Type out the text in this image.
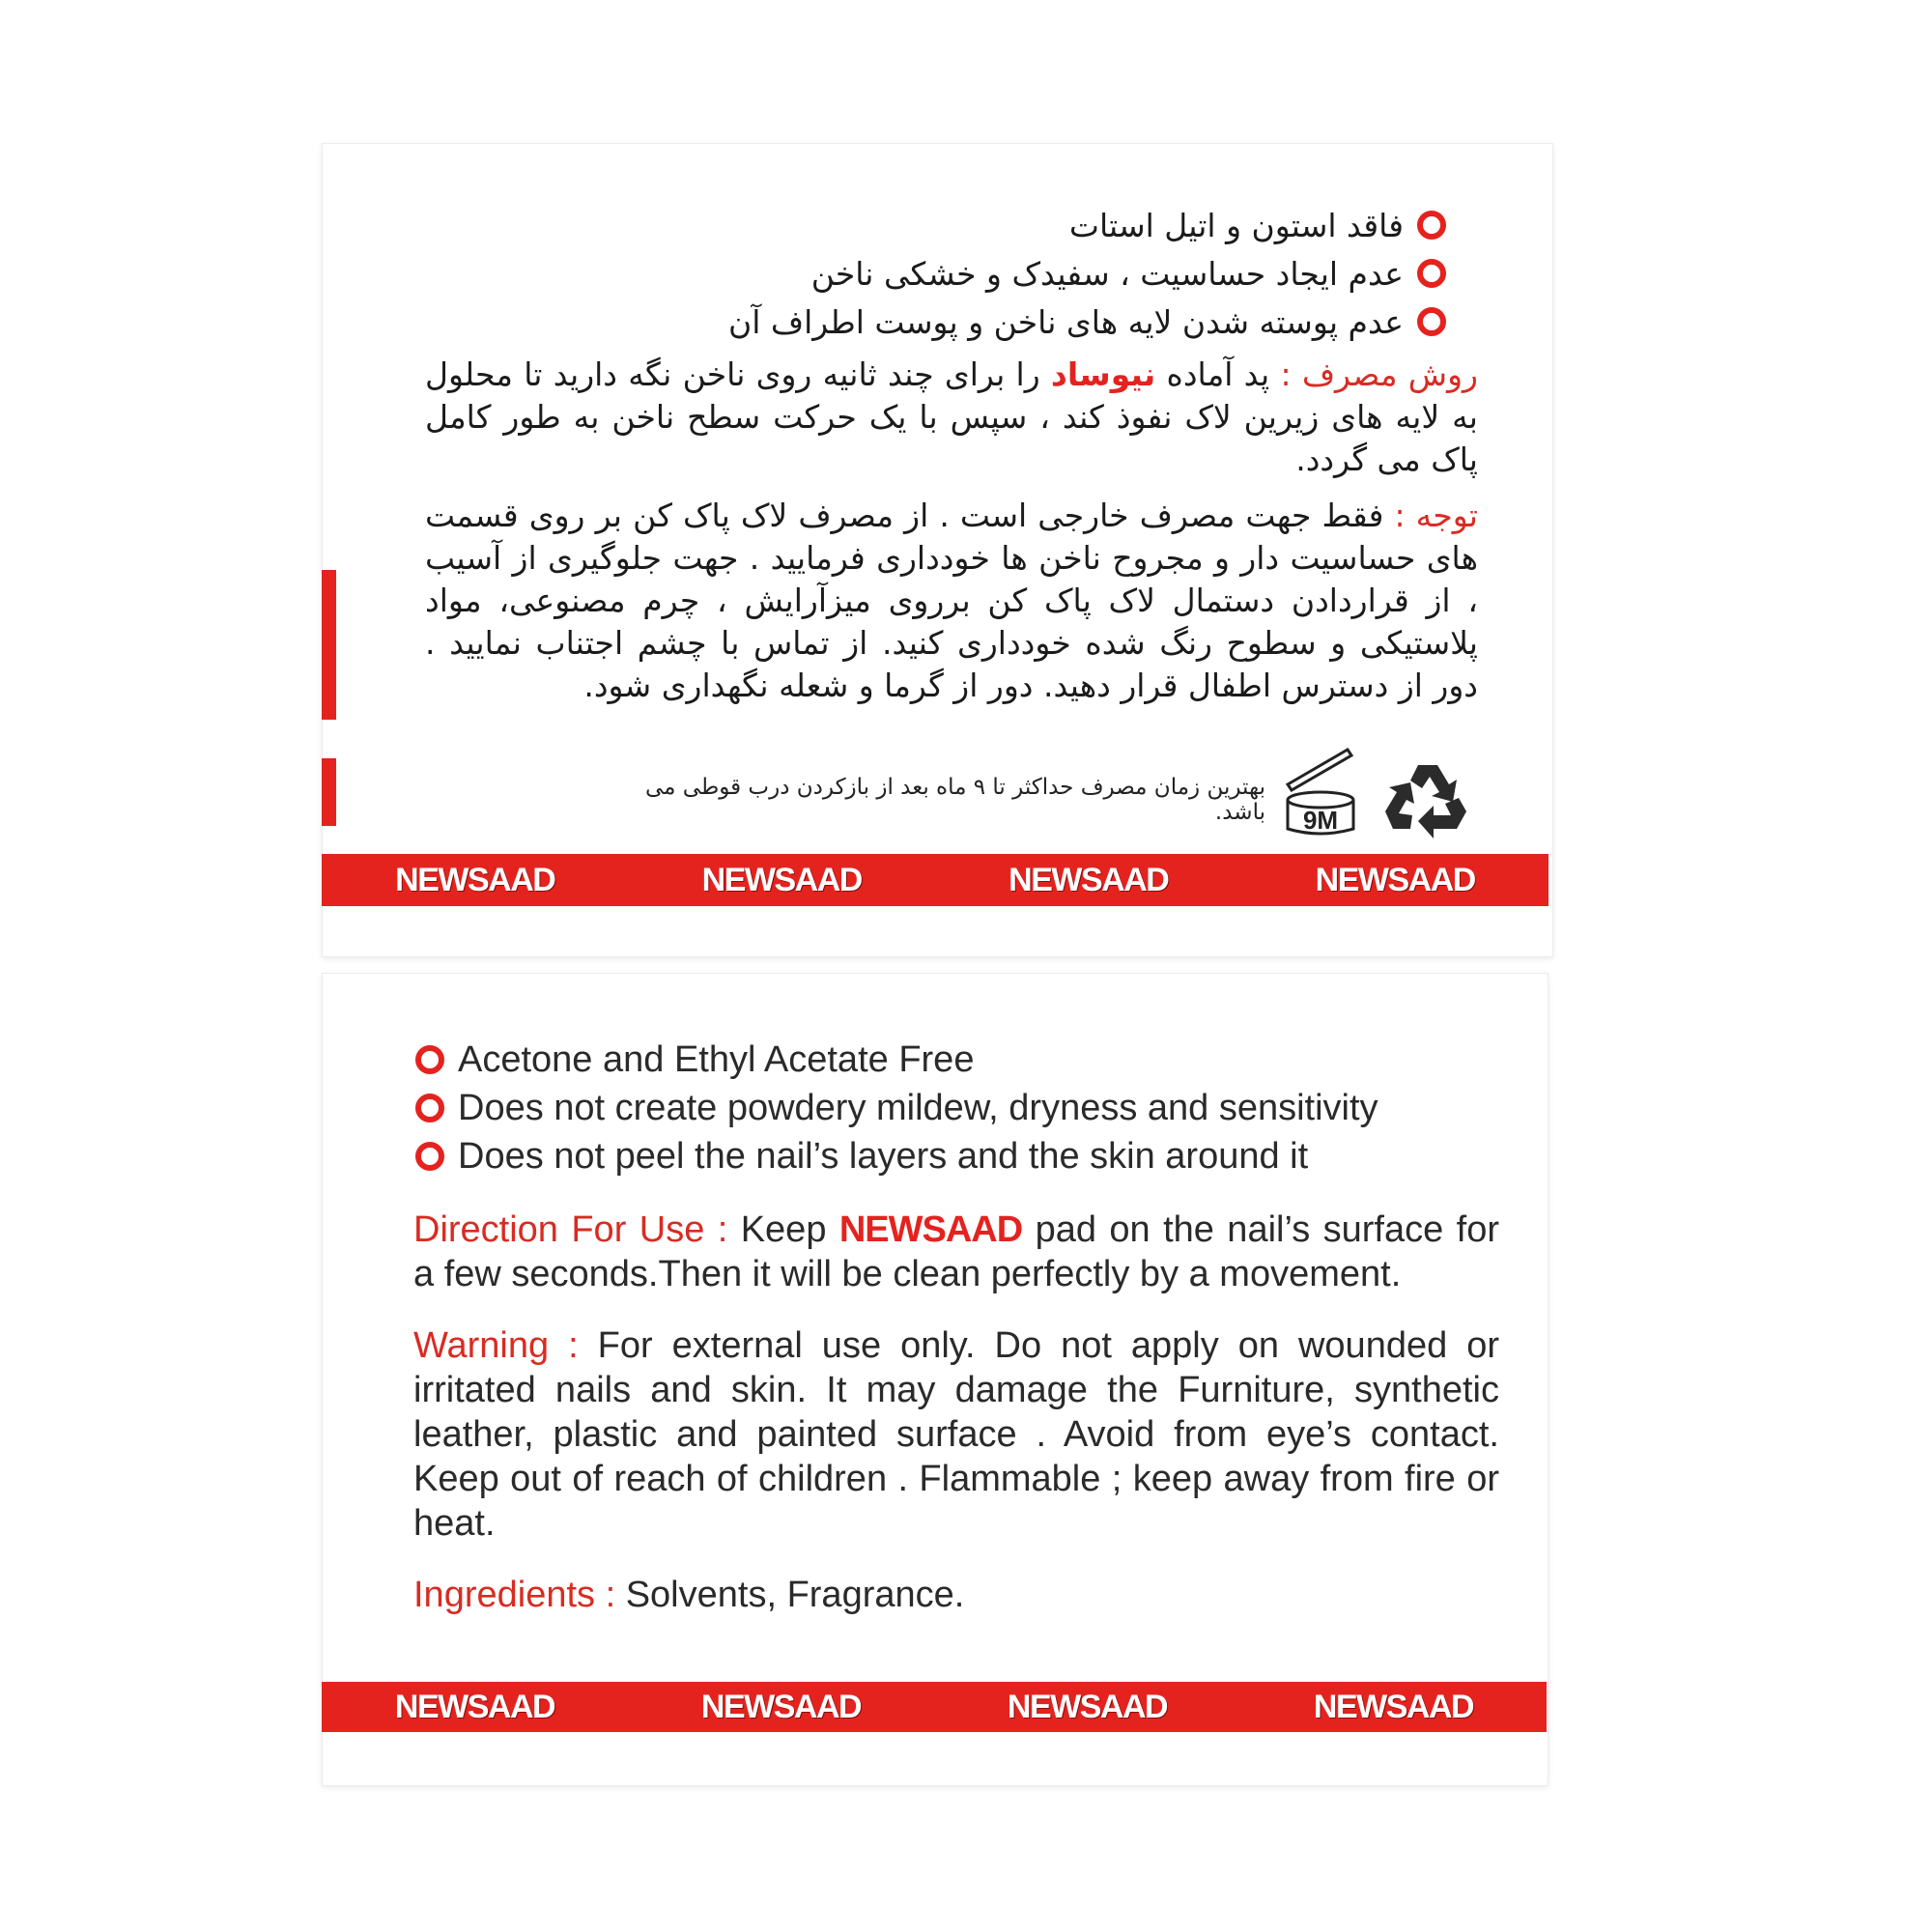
فاقد استون و اتیل استات
عدم ایجاد حساسیت ، سفیدک و خشکی ناخن
عدم پوسته شدن لایه های ناخن و پوست اطراف آن
روش مصرف : پد آماده نیوساد را برای چند ثانیه روی ناخن نگه دارید تا محلول به لایه های زیرین لاک نفوذ کند ، سپس با یک حرکت سطح ناخن به طور کامل پاک می گردد.
توجه : فقط جهت مصرف خارجی است . از مصرف لاک پاک کن بر روی قسمت های حساسیت دار و مجروح ناخن ها خودداری فرمایید . جهت جلوگیری از آسیب ، از قراردادن دستمال لاک پاک کن برروی میزآرایش ، چرم مصنوعی، مواد پلاستیکی و سطوح رنگ شده خودداری کنید. از تماس با چشم اجتناب نمایید . دور از دسترس اطفال قرار دهید. دور از گرما و شعله نگهداری شود.
بهترین زمان مصرف حداکثر تا ۹ ماه بعد از بازکردن درب قوطی می باشد. 9M
NEWSAAD	NEWSAAD	NEWSAAD	NEWSAAD
Acetone and Ethyl Acetate Free
Does not create powdery mildew, dryness and sensitivity
Does not peel the nail’s layers and the skin around it
Direction For Use : Keep NEWSAAD pad on the nail’s surface for a few seconds.Then it will be clean perfectly by a movement.
Warning : For external use only. Do not apply on wounded or irritated nails and skin. It may damage the Furniture, synthetic leather, plastic and painted surface . Avoid from eye’s contact. Keep out of reach of children . Flammable ; keep away from fire or heat.
Ingredients : Solvents, Fragrance.
NEWSAAD	NEWSAAD	NEWSAAD	NEWSAAD
